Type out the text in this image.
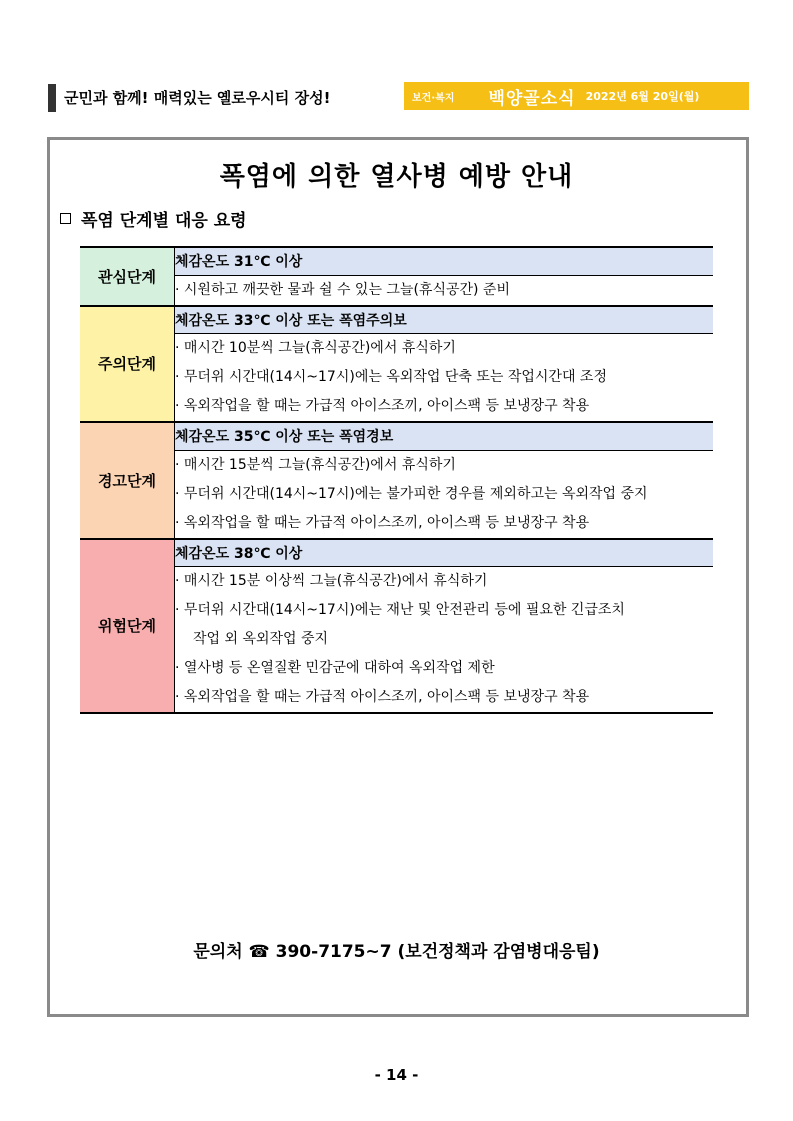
군민과 함께! 매력있는 옐로우시티 장성!	보건·복지 백양골소식 2022년 6월 20일(월)
폭염에 의한 열사병 예방 안내
폭염 단계별 대응 요령
관심단계	체감온도 31℃ 이상

	· 시원하고 깨끗한 물과 쉴 수 있는 그늘(휴식공간) 준비

주의단계	체감온도 33℃ 이상 또는 폭염주의보

	· 매시간 10분씩 그늘(휴식공간)에서 휴식하기
· 무더위 시간대(14시~17시)에는 옥외작업 단축 또는 작업시간대 조정
· 옥외작업을 할 때는 가급적 아이스조끼, 아이스팩 등 보냉장구 착용

경고단계	체감온도 35℃ 이상 또는 폭염경보

	· 매시간 15분씩 그늘(휴식공간)에서 휴식하기
· 무더위 시간대(14시~17시)에는 불가피한 경우를 제외하고는 옥외작업 중지
· 옥외작업을 할 때는 가급적 아이스조끼, 아이스팩 등 보냉장구 착용

위험단계	체감온도 38℃ 이상

	· 매시간 15분 이상씩 그늘(휴식공간)에서 휴식하기
· 무더위 시간대(14시~17시)에는 재난 및 안전관리 등에 필요한 긴급조치
작업 외 옥외작업 중지
· 열사병 등 온열질환 민감군에 대하여 옥외작업 제한
· 옥외작업을 할 때는 가급적 아이스조끼, 아이스팩 등 보냉장구 착용
문의처 ☎ 390-7175~7 (보건정책과 감염병대응팀)
- 14 -
